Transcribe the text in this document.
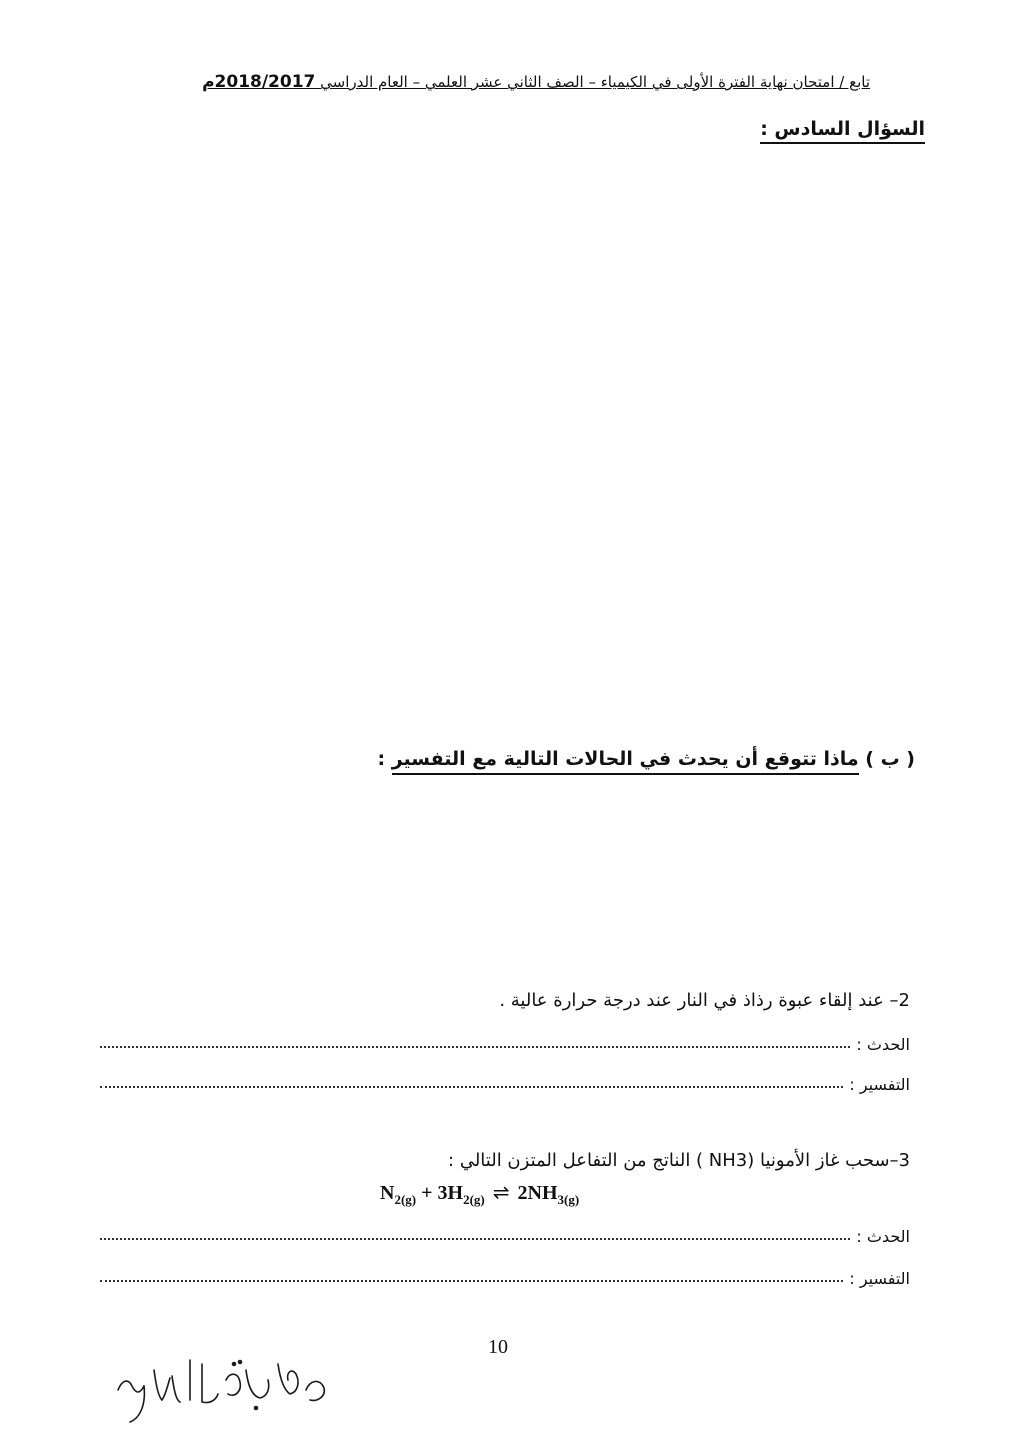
تابع / امتحان نهاية الفترة الأولى في الكيمياء – الصف الثاني عشر العلمي – العام الدراسي 2018/2017م
السؤال السادس :
( ب ) ماذا تتوقع أن يحدث في الحالات التالية مع التفسير :
2– عند إلقاء عبوة رذاذ في النار عند درجة حرارة عالية .
الحدث :
التفسير :
3–سحب غاز الأمونيا (NH3 ) الناتج من التفاعل المتزن التالي :
$N_{2(g)} + 3H_{2(g)}$ ⇌ $2NH_{3(g)}$
الحدث :
التفسير :
10
